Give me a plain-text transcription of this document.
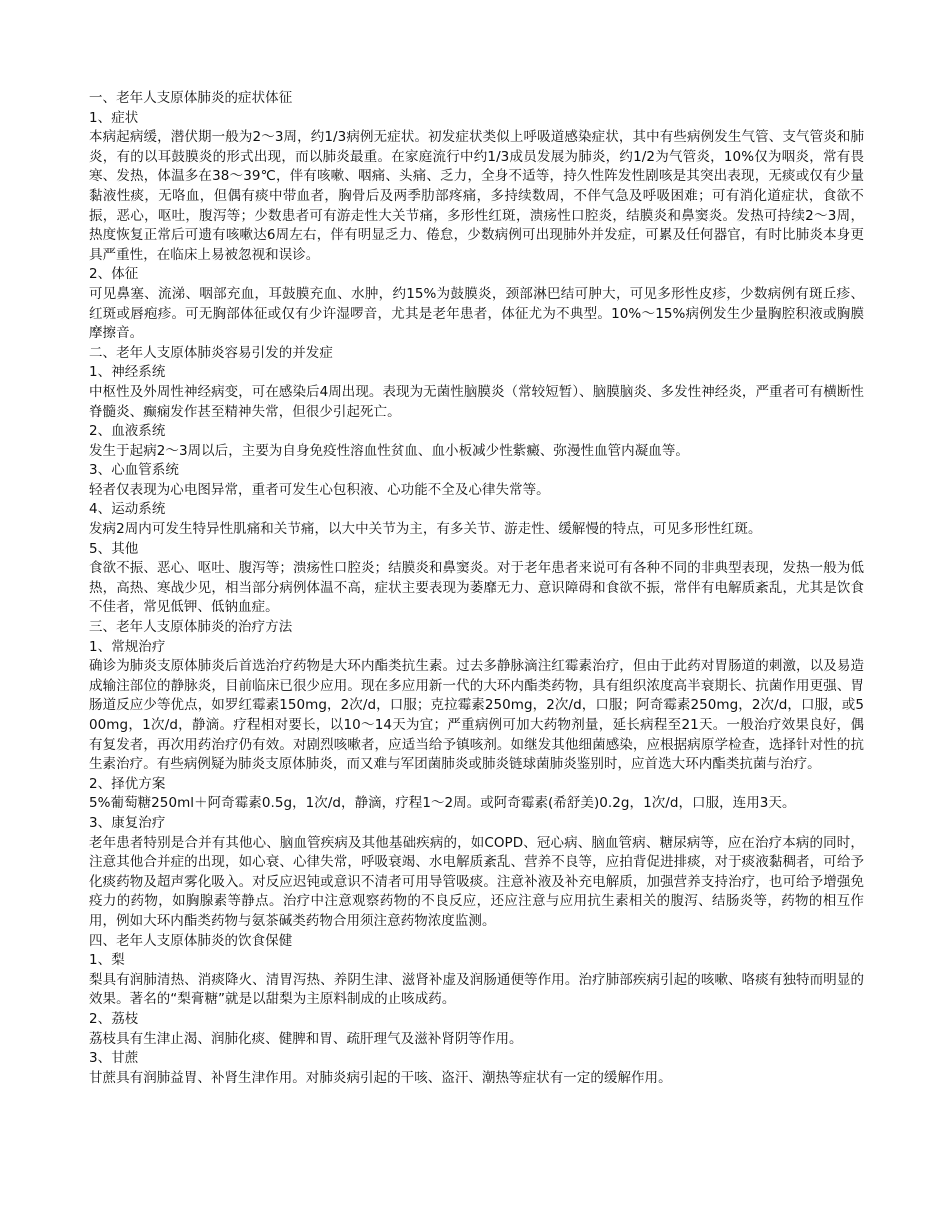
一、老年人支原体肺炎的症状体征

1、症状

本病起病缓，潜伏期一般为2～3周，约1/3病例无症状。初发症状类似上呼吸道感染症状，其中有些病例发生气管、支气管炎和肺炎，有的以耳鼓膜炎的形式出现，而以肺炎最重。在家庭流行中约1/3成员发展为肺炎，约1/2为气管炎，10%仅为咽炎，常有畏寒、发热，体温多在38～39℃，伴有咳嗽、咽痛、头痛、乏力，全身不适等，持久性阵发性剧咳是其突出表现，无痰或仅有少量黏液性痰，无咯血，但偶有痰中带血者，胸骨后及两季肋部疼痛，多持续数周，不伴气急及呼吸困难；可有消化道症状，食欲不振，恶心，呕吐，腹泻等；少数患者可有游走性大关节痛，多形性红斑，溃疡性口腔炎，结膜炎和鼻窦炎。发热可持续2～3周，热度恢复正常后可遗有咳嗽达6周左右，伴有明显乏力、倦怠，少数病例可出现肺外并发症，可累及任何器官，有时比肺炎本身更具严重性，在临床上易被忽视和误诊。

2、体征

可见鼻塞、流涕、咽部充血，耳鼓膜充血、水肿，约15%为鼓膜炎，颈部淋巴结可肿大，可见多形性皮疹，少数病例有斑丘疹、红斑或唇疱疹。可无胸部体征或仅有少许湿啰音，尤其是老年患者，体征尤为不典型。10%～15%病例发生少量胸腔积液或胸膜摩擦音。

二、老年人支原体肺炎容易引发的并发症

1、神经系统

中枢性及外周性神经病变，可在感染后4周出现。表现为无菌性脑膜炎（常较短暂）、脑膜脑炎、多发性神经炎，严重者可有横断性脊髓炎、癫痫发作甚至精神失常，但很少引起死亡。

2、血液系统

发生于起病2～3周以后，主要为自身免疫性溶血性贫血、血小板减少性紫癜、弥漫性血管内凝血等。

3、心血管系统

轻者仅表现为心电图异常，重者可发生心包积液、心功能不全及心律失常等。

4、运动系统

发病2周内可发生特异性肌痛和关节痛，以大中关节为主，有多关节、游走性、缓解慢的特点，可见多形性红斑。

5、其他

食欲不振、恶心、呕吐、腹泻等；溃疡性口腔炎；结膜炎和鼻窦炎。对于老年患者来说可有各种不同的非典型表现，发热一般为低热，高热、寒战少见，相当部分病例体温不高，症状主要表现为萎靡无力、意识障碍和食欲不振，常伴有电解质紊乱，尤其是饮食不佳者，常见低钾、低钠血症。

三、老年人支原体肺炎的治疗方法

1、常规治疗

确诊为肺炎支原体肺炎后首选治疗药物是大环内酯类抗生素。过去多静脉滴注红霉素治疗，但由于此药对胃肠道的刺激，以及易造成输注部位的静脉炎，目前临床已很少应用。现在多应用新一代的大环内酯类药物，具有组织浓度高半衰期长、抗菌作用更强、胃肠道反应少等优点，如罗红霉素150mg，2次/d，口服；克拉霉素250mg，2次/d，口服；阿奇霉素250mg，2次/d，口服，或500mg，1次/d，静滴。疗程相对要长，以10～14天为宜；严重病例可加大药物剂量，延长病程至21天。一般治疗效果良好，偶有复发者，再次用药治疗仍有效。对剧烈咳嗽者，应适当给予镇咳剂。如继发其他细菌感染，应根据病原学检查，选择针对性的抗生素治疗。有些病例疑为肺炎支原体肺炎，而又难与军团菌肺炎或肺炎链球菌肺炎鉴别时，应首选大环内酯类抗菌与治疗。

2、择优方案

5%葡萄糖250ml＋阿奇霉素0.5g，1次/d，静滴，疗程1～2周。或阿奇霉素(希舒美)0.2g，1次/d，口服，连用3天。

3、康复治疗

老年患者特别是合并有其他心、脑血管疾病及其他基础疾病的，如COPD、冠心病、脑血管病、糖尿病等，应在治疗本病的同时，注意其他合并症的出现，如心衰、心律失常，呼吸衰竭、水电解质紊乱、营养不良等，应拍背促进排痰，对于痰液黏稠者，可给予化痰药物及超声雾化吸入。对反应迟钝或意识不清者可用导管吸痰。注意补液及补充电解质，加强营养支持治疗，也可给予增强免疫力的药物，如胸腺素等静点。治疗中注意观察药物的不良反应，还应注意与应用抗生素相关的腹泻、结肠炎等，药物的相互作用，例如大环内酯类药物与氨茶碱类药物合用须注意药物浓度监测。

四、老年人支原体肺炎的饮食保健

1、梨

梨具有润肺清热、消痰降火、清胃泻热、养阴生津、滋肾补虚及润肠通便等作用。治疗肺部疾病引起的咳嗽、咯痰有独特而明显的效果。著名的“梨膏糖”就是以甜梨为主原料制成的止咳成药。

2、荔枝

荔枝具有生津止渴、润肺化痰、健脾和胃、疏肝理气及滋补肾阴等作用。

3、甘蔗

甘蔗具有润肺益胃、补肾生津作用。对肺炎病引起的干咳、盗汗、潮热等症状有一定的缓解作用。
